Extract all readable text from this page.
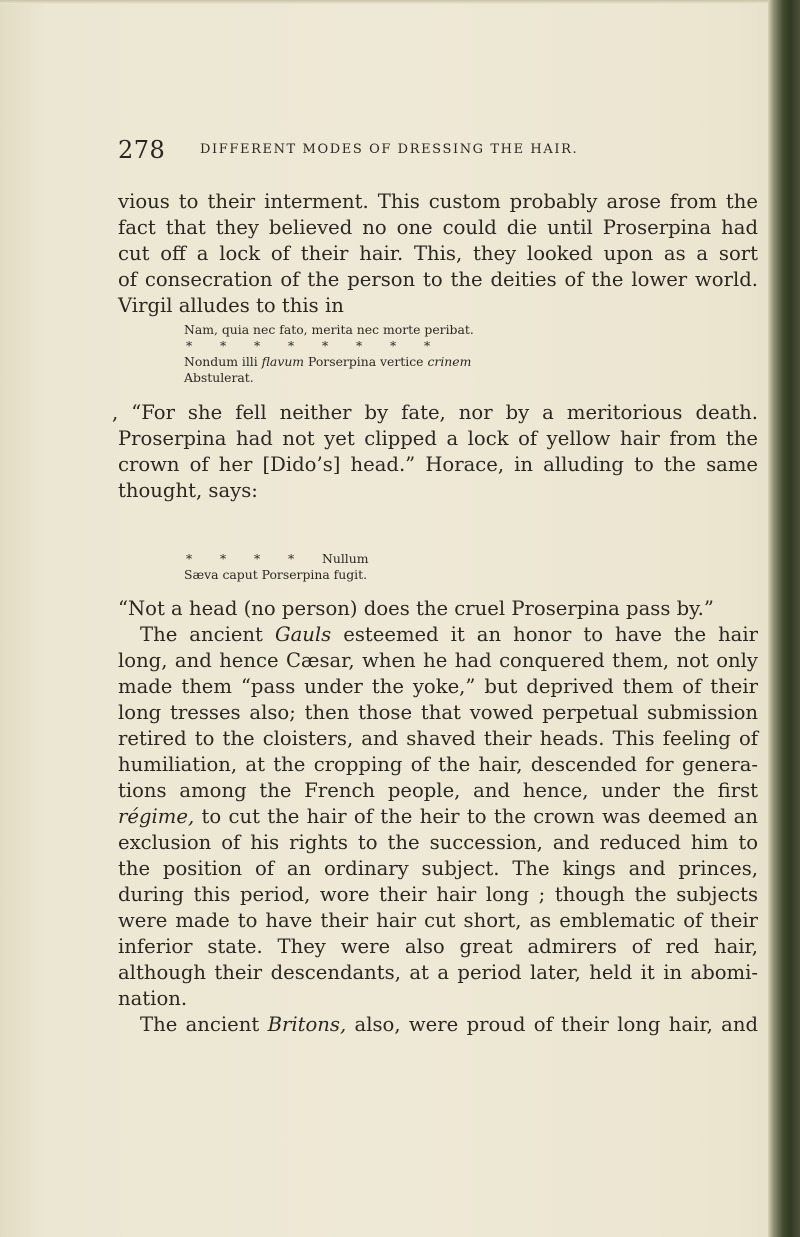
278	DIFFERENT MODES OF DRESSING THE HAIR.
vious to their interment. This custom probably arose from the
fact that they believed no one could die until Proserpina had
cut off a lock of their hair. This, they looked upon as a sort
of consecration of the person to the deities of the lower world.
Virgil alludes to this in
Nam, quia nec fato, merita nec morte peribat.
* * * * * * * *
Nondum illi flavum Porserpina vertice crinem
Abstulerat.
, “For she fell neither by fate, nor by a meritorious death.
Proserpina had not yet clipped a lock of yellow hair from the
crown of her [Dido’s] head.” Horace, in alluding to the same
thought, says:
* * * * Nullum
Sæva caput Porserpina fugit.
“Not a head (no person) does the cruel Proserpina pass by.”
The ancient Gauls esteemed it an honor to have the hair
long, and hence Cæsar, when he had conquered them, not only
made them “pass under the yoke,” but deprived them of their
long tresses also; then those that vowed perpetual submission
retired to the cloisters, and shaved their heads. This feeling of
humiliation, at the cropping of the hair, descended for genera-
tions among the French people, and hence, under the first
régime, to cut the hair of the heir to the crown was deemed an
exclusion of his rights to the succession, and reduced him to
the position of an ordinary subject. The kings and princes,
during this period, wore their hair long ; though the subjects
were made to have their hair cut short, as emblematic of their
inferior state. They were also great admirers of red hair,
although their descendants, at a period later, held it in abomi-
nation.
The ancient Britons, also, were proud of their long hair, and
